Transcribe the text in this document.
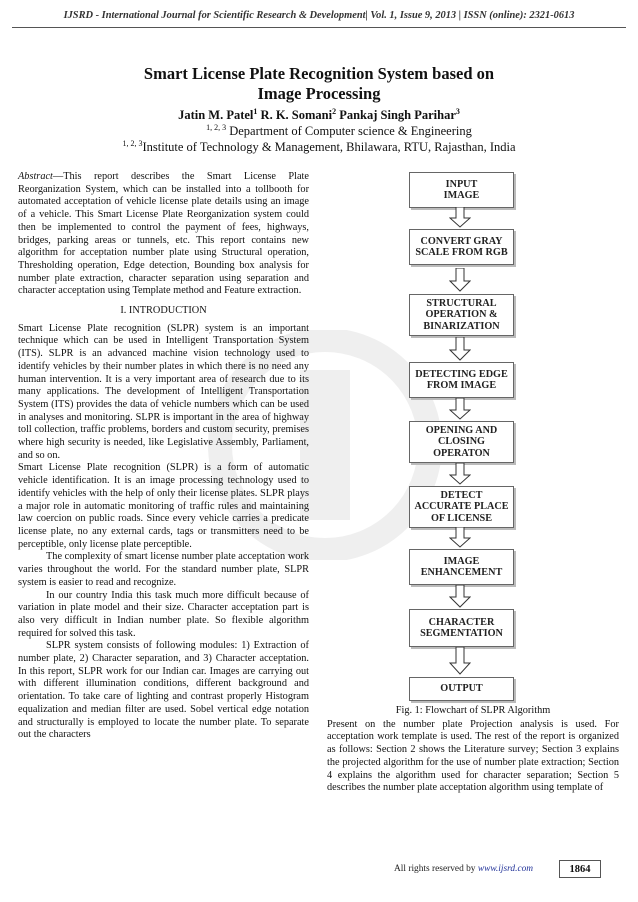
IJSRD - International Journal for Scientific Research & Development| Vol. 1, Issue 9, 2013 | ISSN (online): 2321-0613
Smart License Plate Recognition System based on
Image Processing
Jatin M. Patel$^1$ R. K. Somani$^2$ Pankaj Singh Parihar$^3$
$^{1, 2, 3}$ Department of Computer science & Engineering
$^{1, 2, 3}$Institute of Technology & Management, Bhilawara, RTU, Rajasthan, India

Abstract—This report describes the Smart License Plate Reorganization System, which can be installed into a tollbooth for automated acceptation of vehicle license plate details using an image of a vehicle. This Smart License Plate Reorganization system could then be implemented to control the payment of fees, highways, bridges, parking areas or tunnels, etc. This report contains new algorithm for acceptation number plate using Structural operation, Thresholding operation, Edge detection, Bounding box analysis for number plate extraction, character separation using separation and character acceptation using Template method and Feature extraction.

I. INTRODUCTION

Smart License Plate recognition (SLPR) system is an important technique which can be used in Intelligent Transportation System (ITS). SLPR is an advanced machine vision technology used to identify vehicles by their number plates in which there is no need any human intervention. It is a very important area of research due to its many applications. The development of Intelligent Transportation System (ITS) provides the data of vehicle numbers which can be used in analyses and monitoring. SLPR is important in the area of highway toll collection, traffic problems, borders and custom security, premises where high security is needed, like Legislative Assembly, Parliament, and so on.

Smart License Plate recognition (SLPR) is a form of automatic vehicle identification. It is an image processing technology used to identify vehicles with the help of only their license plates. SLPR plays a major role in automatic monitoring of traffic rules and maintaining law coercion on public roads. Since every vehicle carries a predicate license plate, no any external cards, tags or transmitters need to be perceptible, only license plate perceptible.

The complexity of smart license number plate acceptation work varies throughout the world. For the standard number plate, SLPR system is easier to read and recognize.

In our country India this task much more difficult because of variation in plate model and their size. Character acceptation part is also very difficult in Indian number plate. So flexible algorithm required for solved this task.

SLPR system consists of following modules: 1) Extraction of number plate, 2) Character separation, and 3) Character acceptation. In this report, SLPR work for our Indian car. Images are carrying out with different illumination conditions, different background and orientation. To take care of lighting and contrast properly Histogram equalization and median filter are used. Sobel vertical edge notation and structurally is employed to locate the number plate. To separate out the characters

INPUT
IMAGE
CONVERT GRAY
SCALE FROM RGB
STRUCTURAL
OPERATION &
BINARIZATION
DETECTING EDGE
FROM IMAGE
OPENING AND
CLOSING
OPERATON
DETECT
ACCURATE PLACE
OF LICENSE
IMAGE
ENHANCEMENT
CHARACTER
SEGMENTATION
OUTPUT

Fig. 1: Flowchart of SLPR Algorithm

Present on the number plate Projection analysis is used. For acceptation work template is used. The rest of the report is organized as follows: Section 2 shows the Literature survey; Section 3 explains the projected algorithm for the use of number plate extraction; Section 4 explains the algorithm used for character separation; Section 5 describes the number plate acceptation algorithm using template of

All rights reserved by www.ijsrd.com	1864
